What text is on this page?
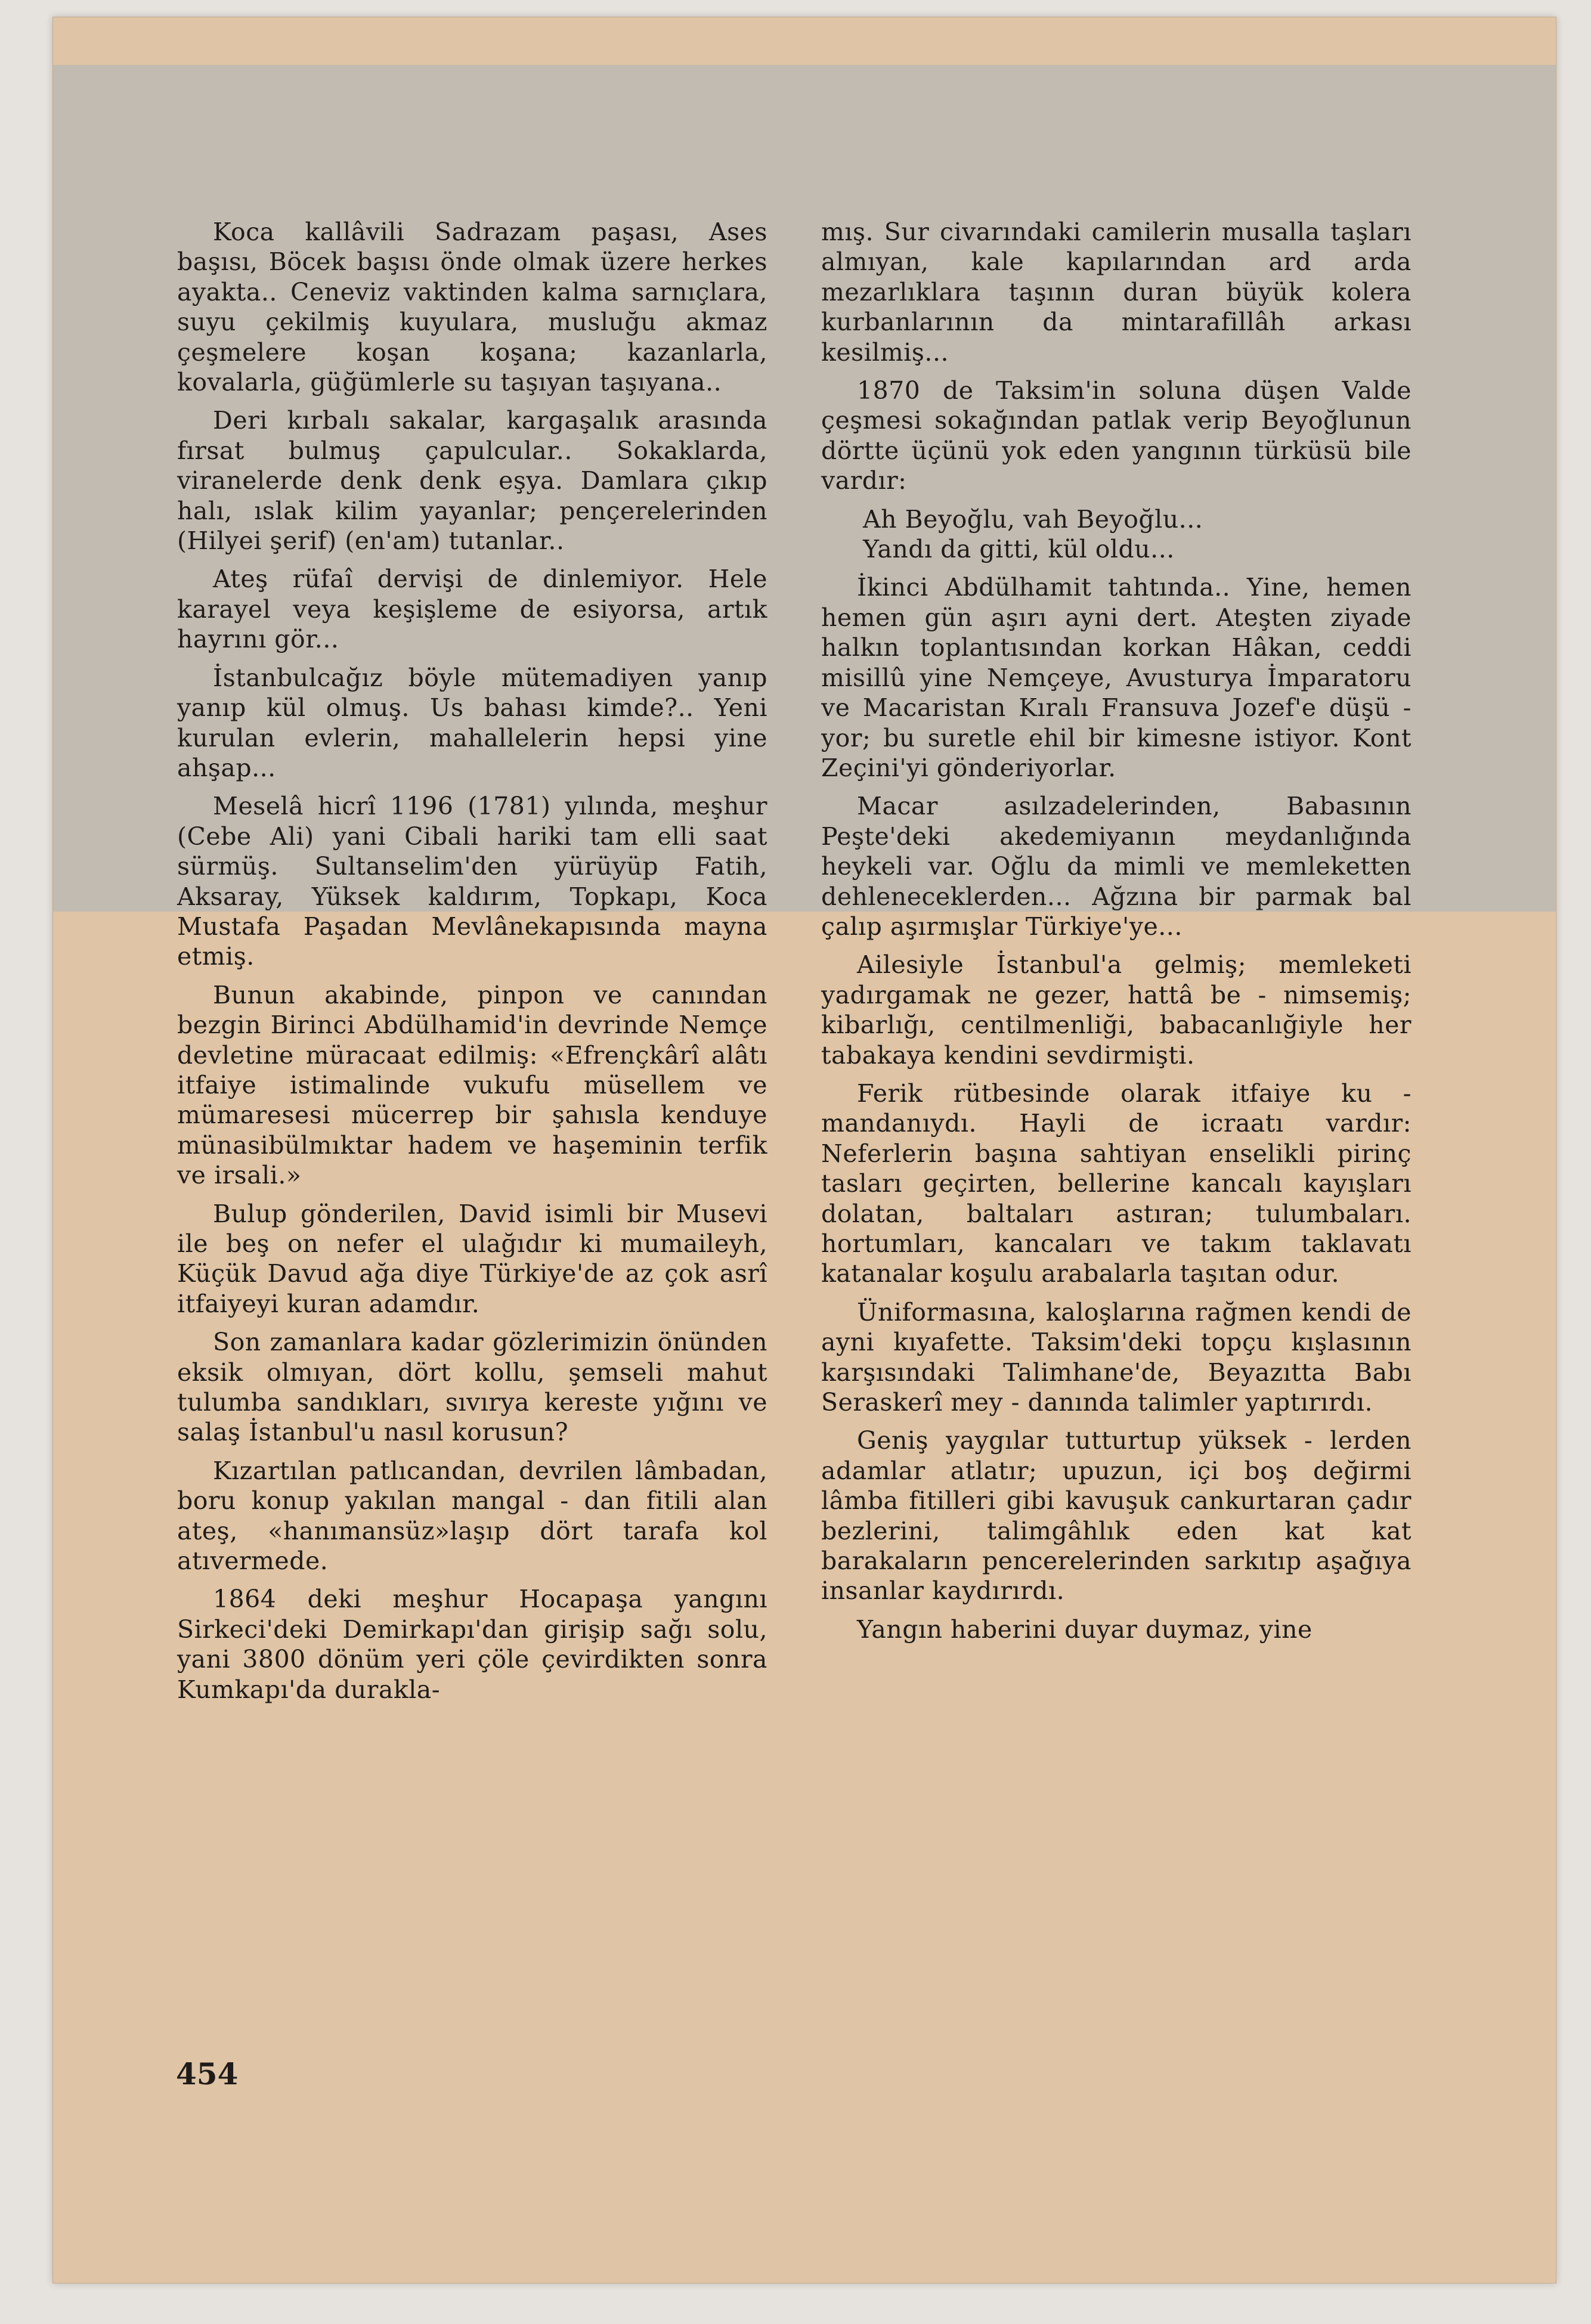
Koca kallâvili Sadrazam paşası, Ases başısı, Böcek başısı önde olmak üzere herkes ayakta.. Ceneviz vaktinden kalma sarnıçlara, suyu çekilmiş kuyulara, musluğu akmaz çeşmelere koşan koşana; kazanlarla, kovalarla, güğümlerle su taşıyan taşıyana..

Deri kırbalı sakalar, kargaşalık arasında fırsat bulmuş çapulcular.. Sokaklarda, viranelerde denk denk eşya. Damlara çıkıp halı, ıslak kilim yayanlar; pençerelerinden (Hilyei şerif) (en'am) tutanlar..

Ateş rüfaî dervişi de dinlemiyor. Hele karayel veya keşişleme de esiyorsa, artık hayrını gör...

İstanbulcağız böyle mütemadiyen yanıp yanıp kül olmuş. Us bahası kimde?.. Yeni kurulan evlerin, mahallelerin hepsi yine ahşap...

Meselâ hicrî 1196 (1781) yılında, meşhur (Cebe Ali) yani Cibali hariki tam elli saat sürmüş. Sultanselim'den yürüyüp Fatih, Aksaray, Yüksek kaldırım, Topkapı, Koca Mustafa Paşadan Mevlânekapısında mayna etmiş.

Bunun akabinde, pinpon ve canından bezgin Birinci Abdülhamid'in devrinde Nemçe devletine müracaat edilmiş: «Efrençkârî alâtı itfaiye istimalinde vukufu müsellem ve mümaresesi mücerrep bir şahısla kenduye münasibülmıktar hadem ve haşeminin terfik ve irsali.»

Bulup gönderilen, David isimli bir Musevi ile beş on nefer el ulağıdır ki mumaileyh, Küçük Davud ağa diye Türkiye'de az çok asrî itfaiyeyi kuran adamdır.

Son zamanlara kadar gözlerimizin önünden eksik olmıyan, dört kollu, şemseli mahut tulumba sandıkları, sıvırya kereste yığını ve salaş İstanbul'u nasıl korusun?

Kızartılan patlıcandan, devrilen lâmbadan, boru konup yakılan mangal - dan fitili alan ateş, «hanımansüz»laşıp dört tarafa kol atıvermede.

1864 deki meşhur Hocapaşa yangını Sirkeci'deki Demirkapı'dan girişip sağı solu, yani 3800 dönüm yeri çöle çevirdikten sonra Kumkapı'da durakla-

mış. Sur civarındaki camilerin musalla taşları almıyan, kale kapılarından ard arda mezarlıklara taşının duran büyük kolera kurbanlarının da mintarafillâh arkası kesilmiş...

1870 de Taksim'in soluna düşen Valde çeşmesi sokağından patlak verip Beyoğlunun dörtte üçünü yok eden yangının türküsü bile vardır:

Ah Beyoğlu, vah Beyoğlu...
Yandı da gitti, kül oldu...

İkinci Abdülhamit tahtında.. Yine, hemen hemen gün aşırı ayni dert. Ateşten ziyade halkın toplantısından korkan Hâkan, ceddi misillû yine Nemçeye, Avusturya İmparatoru ve Macaristan Kıralı Fransuva Jozef'e düşü - yor; bu suretle ehil bir kimesne istiyor. Kont Zeçini'yi gönderiyorlar.

Macar asılzadelerinden, Babasının Peşte'deki akedemiyanın meydanlığında heykeli var. Oğlu da mimli ve memleketten dehleneceklerden... Ağzına bir parmak bal çalıp aşırmışlar Türkiye'ye...

Ailesiyle İstanbul'a gelmiş; memleketi yadırgamak ne gezer, hattâ be - nimsemiş; kibarlığı, centilmenliği, babacanlığiyle her tabakaya kendini sevdirmişti.

Ferik rütbesinde olarak itfaiye ku - mandanıydı. Hayli de icraatı vardır: Neferlerin başına sahtiyan enselikli pirinç tasları geçirten, bellerine kancalı kayışları dolatan, baltaları astıran; tulumbaları. hortumları, kancaları ve takım taklavatı katanalar koşulu arabalarla taşıtan odur.

Üniformasına, kaloşlarına rağmen kendi de ayni kıyafette. Taksim'deki topçu kışlasının karşısındaki Talimhane'de, Beyazıtta Babı Seraskerî mey - danında talimler yaptırırdı.

Geniş yaygılar tutturtup yüksek - lerden adamlar atlatır; upuzun, içi boş değirmi lâmba fitilleri gibi kavuşuk cankurtaran çadır bezlerini, talimgâhlık eden kat kat barakaların pencerelerinden sarkıtıp aşağıya insanlar kaydırırdı.

Yangın haberini duyar duymaz, yine

454
